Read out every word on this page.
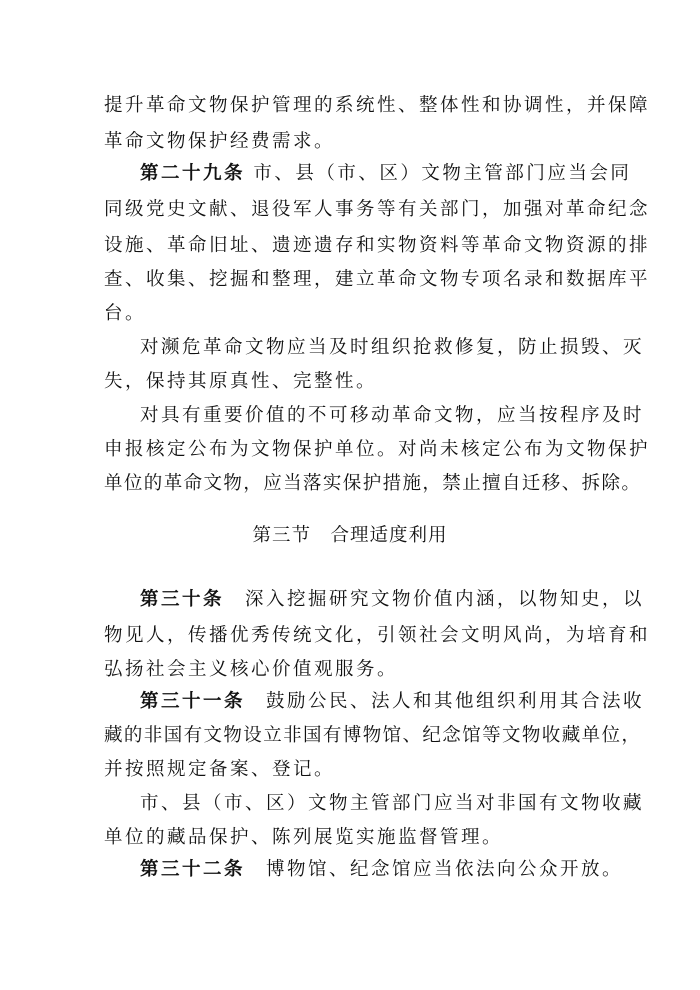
提升革命文物保护管理的系统性、整体性和协调性，并保障
革命文物保护经费需求。
第二十九条 市、县（市、区）文物主管部门应当会同
同级党史文献、退役军人事务等有关部门，加强对革命纪念
设施、革命旧址、遗迹遗存和实物资料等革命文物资源的排
查、收集、挖掘和整理，建立革命文物专项名录和数据库平
台。
对濒危革命文物应当及时组织抢救修复，防止损毁、灭
失，保持其原真性、完整性。
对具有重要价值的不可移动革命文物，应当按程序及时
申报核定公布为文物保护单位。对尚未核定公布为文物保护
单位的革命文物，应当落实保护措施，禁止擅自迁移、拆除。
第三节　合理适度利用
第三十条　深入挖掘研究文物价值内涵，以物知史，以
物见人，传播优秀传统文化，引领社会文明风尚，为培育和
弘扬社会主义核心价值观服务。
第三十一条　鼓励公民、法人和其他组织利用其合法收
藏的非国有文物设立非国有博物馆、纪念馆等文物收藏单位，
并按照规定备案、登记。
市、县（市、区）文物主管部门应当对非国有文物收藏
单位的藏品保护、陈列展览实施监督管理。
第三十二条　博物馆、纪念馆应当依法向公众开放。
